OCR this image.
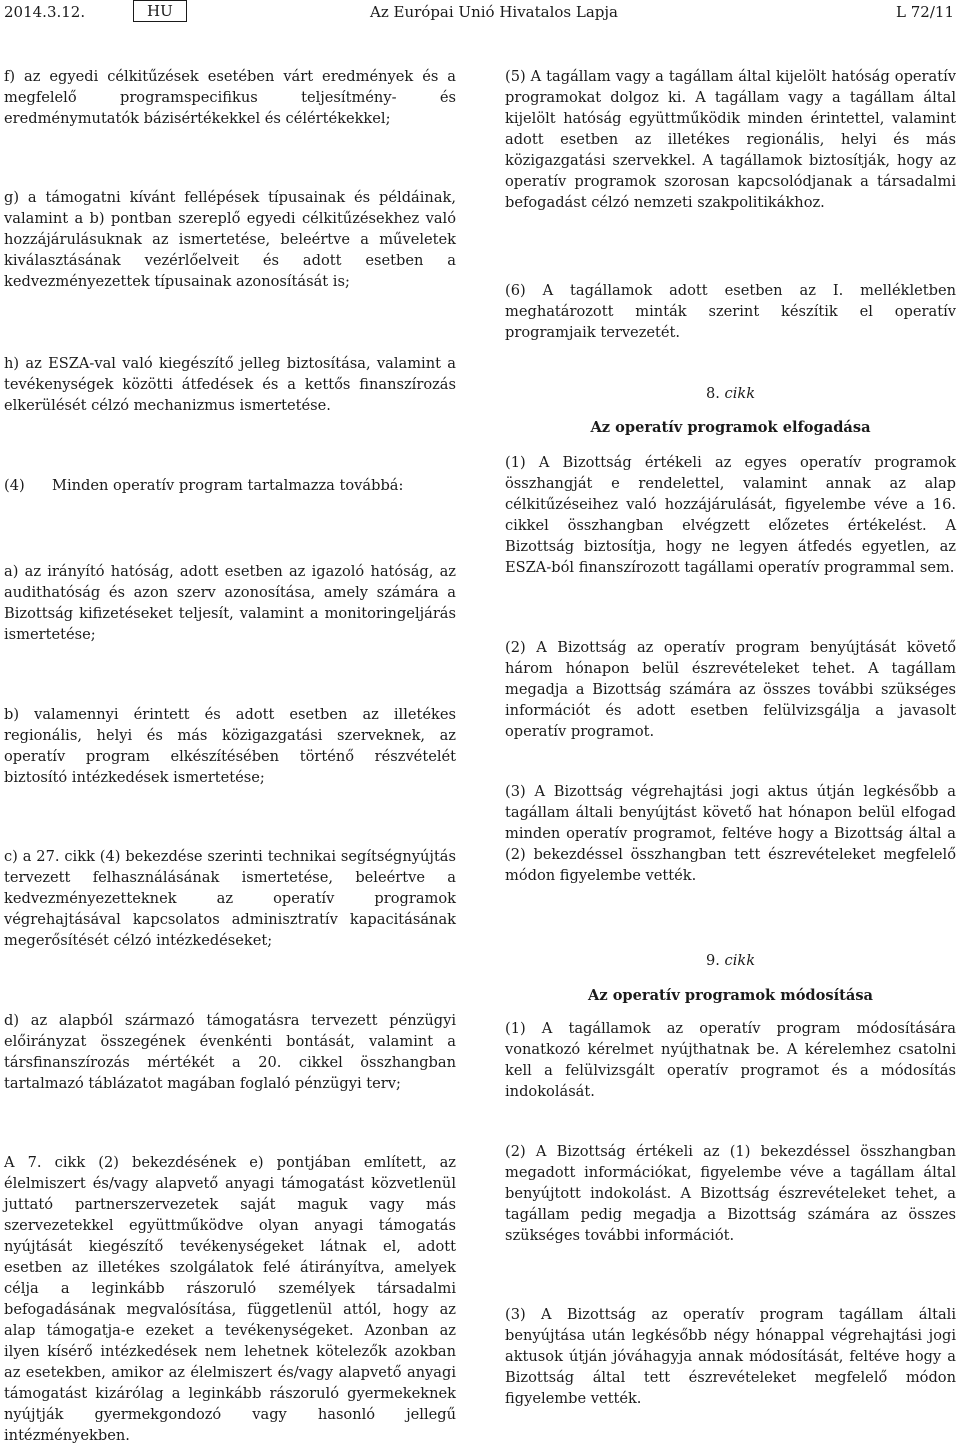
2014.3.12.	HU	Az Európai Unió Hivatalos Lapja	L 72/11

f) az egyedi célkitűzések esetében várt eredmények és a megfelelő programspecifikus teljesítmény- és eredménymutatók bázisértékekkel és célértékekkel;

g) a támogatni kívánt fellépések típusainak és példáinak, valamint a b) pontban szereplő egyedi célkitűzésekhez való hozzájárulásuknak az ismertetése, beleértve a műveletek kiválasztásának vezérlőelveit és adott esetben a kedvezményezettek típusainak azonosítását is;

h) az ESZA-val való kiegészítő jelleg biztosítása, valamint a tevékenységek közötti átfedések és a kettős finanszírozás elkerülését célzó mechanizmus ismertetése.

(4) Minden operatív program tartalmazza továbbá:

a) az irányító hatóság, adott esetben az igazoló hatóság, az audithatóság és azon szerv azonosítása, amely számára a Bizottság kifizetéseket teljesít, valamint a monitoringeljárás ismertetése;

b) valamennyi érintett és adott esetben az illetékes regionális, helyi és más közigazgatási szerveknek, az operatív program elkészítésében történő részvételét biztosító intézkedések ismertetése;

c) a 27. cikk (4) bekezdése szerinti technikai segítségnyújtás tervezett felhasználásának ismertetése, beleértve a kedvezményezetteknek az operatív programok végrehajtásával kapcsolatos adminisztratív kapacitásának megerősítését célzó intézkedéseket;

d) az alapból származó támogatásra tervezett pénzügyi előirányzat összegének évenkénti bontását, valamint a társfinanszírozás mértékét a 20. cikkel összhangban tartalmazó táblázatot magában foglaló pénzügyi terv;

A 7. cikk (2) bekezdésének e) pontjában említett, az élelmiszert és/vagy alapvető anyagi támogatást közvetlenül juttató partnerszervezetek saját maguk vagy más szervezetekkel együttműködve olyan anyagi támogatás nyújtását kiegészítő tevékenységeket látnak el, adott esetben az illetékes szolgálatok felé átirányítva, amelyek célja a leginkább rászoruló személyek társadalmi befogadásának megvalósítása, függetlenül attól, hogy az alap támogatja-e ezeket a tevékenységeket. Azonban az ilyen kísérő intézkedések nem lehetnek kötelezők azokban az esetekben, amikor az élelmiszert és/vagy alapvető anyagi támogatást kizárólag a leginkább rászoruló gyermekeknek nyújtják gyermekgondozó vagy hasonló jellegű intézményekben.

(5) A tagállam vagy a tagállam által kijelölt hatóság operatív programokat dolgoz ki. A tagállam vagy a tagállam által kijelölt hatóság együttműködik minden érintettel, valamint adott esetben az illetékes regionális, helyi és más közigazgatási szervekkel. A tagállamok biztosítják, hogy az operatív programok szorosan kapcsolódjanak a társadalmi befogadást célzó nemzeti szakpolitikákhoz.

(6) A tagállamok adott esetben az I. mellékletben meghatározott minták szerint készítik el operatív programjaik tervezetét.

8. cikk

Az operatív programok elfogadása

(1) A Bizottság értékeli az egyes operatív programok összhangját e rendelettel, valamint annak az alap célkitűzéseihez való hozzájárulását, figyelembe véve a 16. cikkel összhangban elvégzett előzetes értékelést. A Bizottság biztosítja, hogy ne legyen átfedés egyetlen, az ESZA-ból finanszírozott tagállami operatív programmal sem.

(2) A Bizottság az operatív program benyújtását követő három hónapon belül észrevételeket tehet. A tagállam megadja a Bizottság számára az összes további szükséges információt és adott esetben felülvizsgálja a javasolt operatív programot.

(3) A Bizottság végrehajtási jogi aktus útján legkésőbb a tagállam általi benyújtást követő hat hónapon belül elfogad minden operatív programot, feltéve hogy a Bizottság által a (2) bekezdéssel összhangban tett észrevételeket megfelelő módon figyelembe vették.

9. cikk

Az operatív programok módosítása

(1) A tagállamok az operatív program módosítására vonatkozó kérelmet nyújthatnak be. A kérelemhez csatolni kell a felülvizsgált operatív programot és a módosítás indokolását.

(2) A Bizottság értékeli az (1) bekezdéssel összhangban megadott információkat, figyelembe véve a tagállam által benyújtott indokolást. A Bizottság észrevételeket tehet, a tagállam pedig megadja a Bizottság számára az összes szükséges további információt.

(3) A Bizottság az operatív program tagállam általi benyújtása után legkésőbb négy hónappal végrehajtási jogi aktusok útján jóváhagyja annak módosítását, feltéve hogy a Bizottság által tett észrevételeket megfelelő módon figyelembe vették.
